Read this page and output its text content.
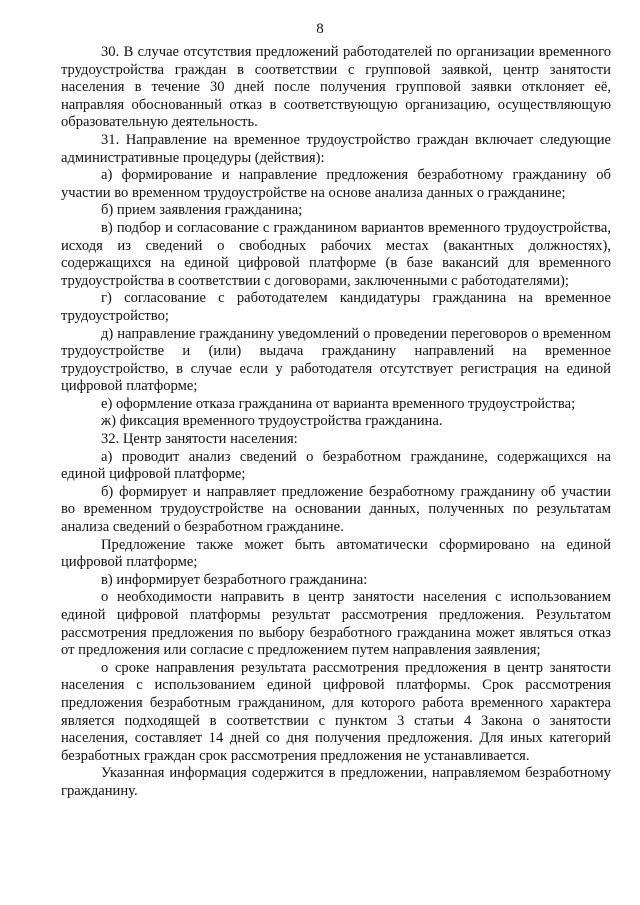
8

30. В случае отсутствия предложений работодателей по организации временного трудоустройства граждан в соответствии с групповой заявкой, центр занятости населения в течение 30 дней после получения групповой заявки отклоняет её, направляя обоснованный отказ в соответствующую организацию, осуществляющую образовательную деятельность.

31. Направление на временное трудоустройство граждан включает следующие административные процедуры (действия):

а) формирование и направление предложения безработному гражданину об участии во временном трудоустройстве на основе анализа данных о гражданине;

б) прием заявления гражданина;

в) подбор и согласование с гражданином вариантов временного трудоустройства, исходя из сведений о свободных рабочих местах (вакантных должностях), содержащихся на единой цифровой платформе (в базе вакансий для временного трудоустройства в соответствии с договорами, заключенными с работодателями);

г) согласование с работодателем кандидатуры гражданина на временное трудоустройство;

д) направление гражданину уведомлений о проведении переговоров о временном трудоустройстве и (или) выдача гражданину направлений на временное трудоустройство, в случае если у работодателя отсутствует регистрация на единой цифровой платформе;

е) оформление отказа гражданина от варианта временного трудоустройства;

ж) фиксация временного трудоустройства гражданина.

32. Центр занятости населения:

а) проводит анализ сведений о безработном гражданине, содержащихся на единой цифровой платформе;

б) формирует и направляет предложение безработному гражданину об участии во временном трудоустройстве на основании данных, полученных по результатам анализа сведений о безработном гражданине.

Предложение также может быть автоматически сформировано на единой цифровой платформе;

в) информирует безработного гражданина:

о необходимости направить в центр занятости населения с использованием единой цифровой платформы результат рассмотрения предложения. Результатом рассмотрения предложения по выбору безработного гражданина может являться отказ от предложения или согласие с предложением путем направления заявления;

о сроке направления результата рассмотрения предложения в центр занятости населения с использованием единой цифровой платформы. Срок рассмотрения предложения безработным гражданином, для которого работа временного характера является подходящей в соответствии с пунктом 3 статьи 4 Закона о занятости населения, составляет 14 дней со дня получения предложения. Для иных категорий безработных граждан срок рассмотрения предложения не устанавливается.

Указанная информация содержится в предложении, направляемом безработному гражданину.
